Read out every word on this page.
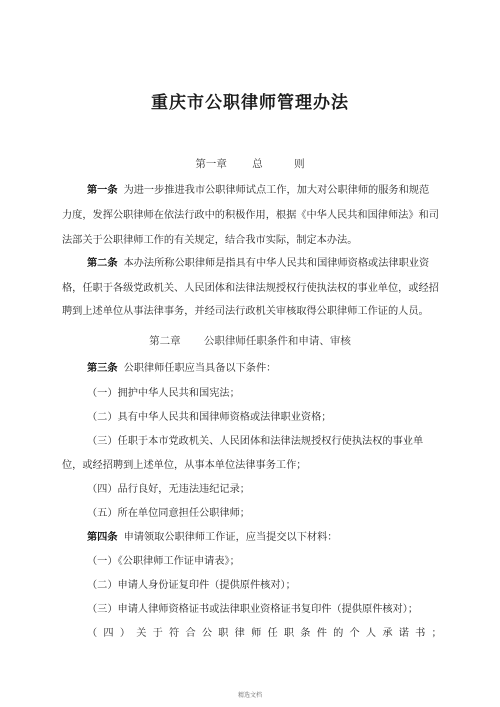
重庆市公职律师管理办法
第一章 总	则
第一条 为进一步推进我市公职律师试点工作，加大对公职律师的服务和规范
力度，发挥公职律师在依法行政中的积极作用，根据《中华人民共和国律师法》和司
法部关于公职律师工作的有关规定，结合我市实际，制定本办法。
第二条 本办法所称公职律师是指具有中华人民共和国律师资格或法律职业资
格，任职于各级党政机关、人民团体和法律法规授权行使执法权的事业单位，或经招
聘到上述单位从事法律事务，并经司法行政机关审核取得公职律师工作证的人员。
第二章 公职律师任职条件和申请、审核
第三条 公职律师任职应当具备以下条件：
（一）拥护中华人民共和国宪法；
（二）具有中华人民共和国律师资格或法律职业资格；
（三）任职于本市党政机关、人民团体和法律法规授权行使执法权的事业单
位，或经招聘到上述单位，从事本单位法律事务工作；
（四）品行良好，无违法违纪记录；
（五）所在单位同意担任公职律师；
第四条 申请领取公职律师工作证，应当提交以下材料：
（一）《公职律师工作证申请表》；
（二）申请人身份证复印件（提供原件核对）；
（三）申请人律师资格证书或法律职业资格证书复印件（提供原件核对）；
（ 四 ） 关 于 符 合 公 职 律 师 任 职 条 件 的 个 人 承 诺 书 ；
精选文档
